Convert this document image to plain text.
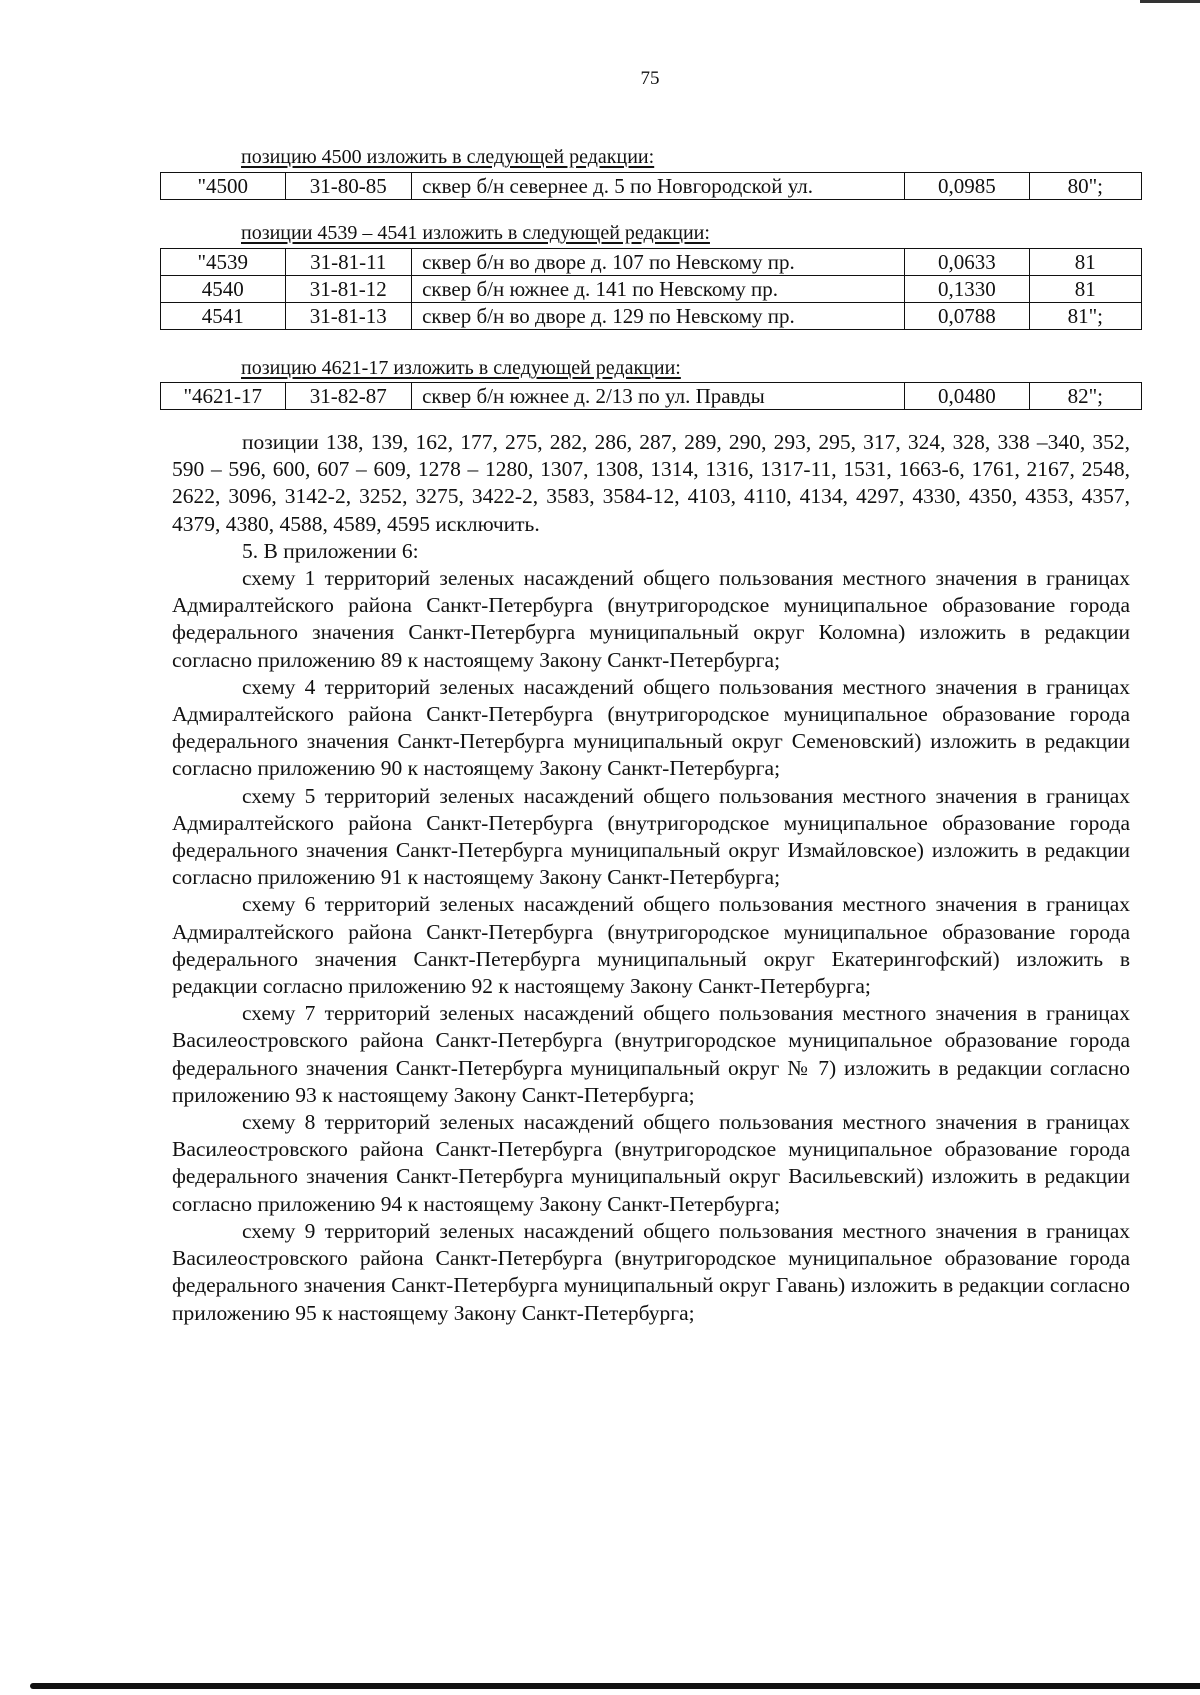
75
позицию 4500 изложить в следующей редакции:
"4500	31-80-85	сквер б/н севернее д. 5 по Новгородской ул.	0,0985	80";
позиции 4539 – 4541 изложить в следующей редакции:
"4539	31-81-11	сквер б/н во дворе д. 107 по Невскому пр.	0,0633	81
4540	31-81-12	сквер б/н южнее д. 141 по Невскому пр.	0,1330	81
4541	31-81-13	сквер б/н во дворе д. 129 по Невскому пр.	0,0788	81";
позицию 4621-17 изложить в следующей редакции:
"4621-17	31-82-87	сквер б/н южнее д. 2/13 по ул. Правды	0,0480	82";

позиции 138, 139, 162, 177, 275, 282, 286, 287, 289, 290, 293, 295, 317, 324, 328, 338 –340, 352, 590 – 596, 600, 607 – 609, 1278 – 1280, 1307, 1308, 1314, 1316, 1317-11, 1531, 1663-6, 1761, 2167, 2548, 2622, 3096, 3142-2, 3252, 3275, 3422-2, 3583, 3584-12, 4103, 4110, 4134, 4297, 4330, 4350, 4353, 4357, 4379, 4380, 4588, 4589, 4595 исключить.

5. В приложении 6:

схему 1 территорий зеленых насаждений общего пользования местного значения в границах Адмиралтейского района Санкт-Петербурга (внутригородское муниципальное образование города федерального значения Санкт-Петербурга муниципальный округ Коломна) изложить в редакции согласно приложению 89 к настоящему Закону Санкт-Петербурга;

схему 4 территорий зеленых насаждений общего пользования местного значения в границах Адмиралтейского района Санкт-Петербурга (внутригородское муниципальное образование города федерального значения Санкт-Петербурга муниципальный округ Семеновский) изложить в редакции согласно приложению 90 к настоящему Закону Санкт-Петербурга;

схему 5 территорий зеленых насаждений общего пользования местного значения в границах Адмиралтейского района Санкт-Петербурга (внутригородское муниципальное образование города федерального значения Санкт-Петербурга муниципальный округ Измайловское) изложить в редакции согласно приложению 91 к настоящему Закону Санкт-Петербурга;

схему 6 территорий зеленых насаждений общего пользования местного значения в границах Адмиралтейского района Санкт-Петербурга (внутригородское муниципальное образование города федерального значения Санкт-Петербурга муниципальный округ Екатерингофский) изложить в редакции согласно приложению 92 к настоящему Закону Санкт-Петербурга;

схему 7 территорий зеленых насаждений общего пользования местного значения в границах Василеостровского района Санкт-Петербурга (внутригородское муниципальное образование города федерального значения Санкт-Петербурга муниципальный округ № 7) изложить в редакции согласно приложению 93 к настоящему Закону Санкт-Петербурга;

схему 8 территорий зеленых насаждений общего пользования местного значения в границах Василеостровского района Санкт-Петербурга (внутригородское муниципальное образование города федерального значения Санкт-Петербурга муниципальный округ Васильевский) изложить в редакции согласно приложению 94 к настоящему Закону Санкт-Петербурга;

схему 9 территорий зеленых насаждений общего пользования местного значения в границах Василеостровского района Санкт-Петербурга (внутригородское муниципальное образование города федерального значения Санкт-Петербурга муниципальный округ Гавань) изложить в редакции согласно приложению 95 к настоящему Закону Санкт-Петербурга;
